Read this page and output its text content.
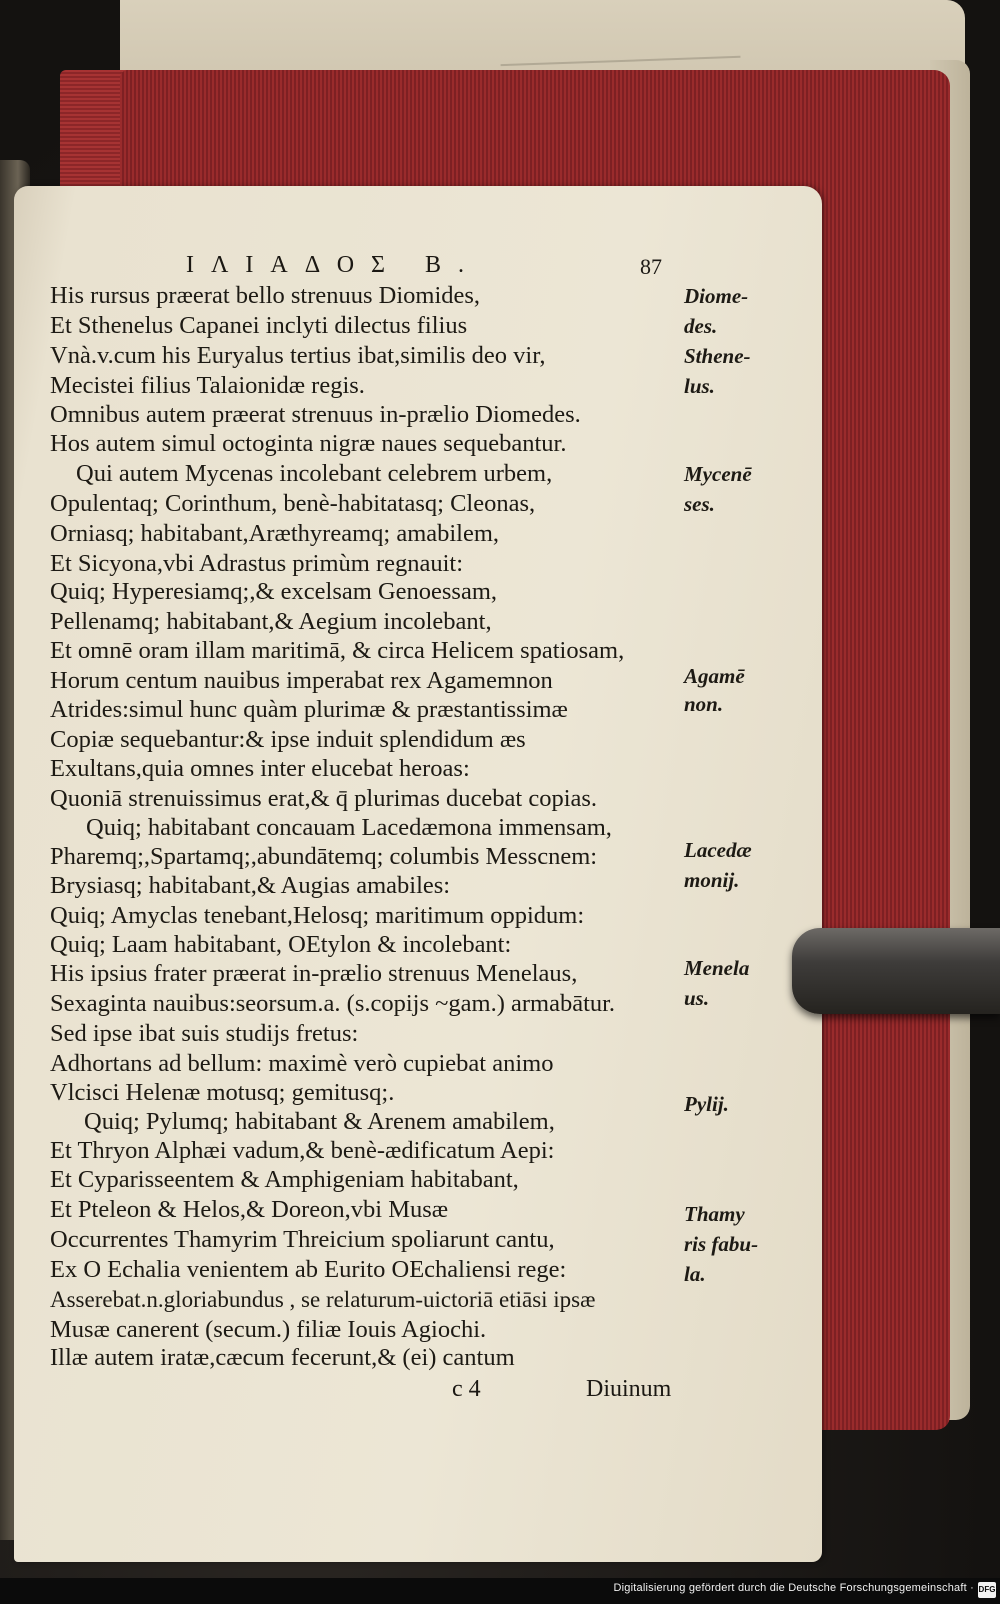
ΙΛΙΑΔΟΣ Β.	87
His rursus præerat bello strenuus Diomides,
Et Sthenelus Capanei inclyti dilectus filius
Vnà.v.cum his Euryalus tertius ibat,similis deo vir,
Mecistei filius Talaionidæ regis.
Omnibus autem præerat strenuus in-prælio Diomedes.
Hos autem simul octoginta nigræ naues sequebantur.
Qui autem Mycenas incolebant celebrem urbem,
Opulentaq; Corinthum, benè-habitatasq; Cleonas,
Orniasq; habitabant,Aræthyreamq; amabilem,
Et Sicyona,vbi Adrastus primùm regnauit:
Quiq; Hyperesiamq;,& excelsam Genoessam,
Pellenamq; habitabant,& Aegium incolebant,
Et omnē oram illam maritimā, & circa Helicem spatiosam,
Horum centum nauibus imperabat rex Agamemnon
Atrides:simul hunc quàm plurimæ & præstantissimæ
Copiæ sequebantur:& ipse induit splendidum æs
Exultans,quia omnes inter elucebat heroas:
Quoniā strenuissimus erat,& q̄ plurimas ducebat copias.
Quiq; habitabant concauam Lacedæmona immensam,
Pharemq;,Spartamq;,abundātemq; columbis Messcnem:
Brysiasq; habitabant,& Augias amabiles:
Quiq; Amyclas tenebant,Helosq; maritimum oppidum:
Quiq; Laam habitabant, OEtylon & incolebant:
His ipsius frater præerat in-prælio strenuus Menelaus,
Sexaginta nauibus:seorsum.a. (s.copijs ~gam.) armabātur.
Sed ipse ibat suis studijs fretus:
Adhortans ad bellum: maximè verò cupiebat animo
Vlcisci Helenæ motusq; gemitusq;.
Quiq; Pylumq; habitabant & Arenem amabilem,
Et Thryon Alphæi vadum,& benè-ædificatum Aepi:
Et Cyparisseentem & Amphigeniam habitabant,
Et Pteleon & Helos,& Doreon,vbi Musæ
Occurrentes Thamyrim Threicium spoliarunt cantu,
Ex O Echalia venientem ab Eurito OEchaliensi rege:
Asserebat.n.gloriabundus , se relaturum-uictoriā etiāsi ipsæ
Musæ canerent (secum.) filiæ Iouis Agiochi.
Illæ autem iratæ,cæcum fecerunt,& (ei) cantum
Diome-
des.
Sthene-
lus.
Mycenē
ses.
Agamē
non.
Lacedæ
monij.
Menela
us.
Pylij.
Thamy
ris fabu-
la.
c 4	Diuinum
Digitalisierung gefördert durch die Deutsche Forschungsgemeinschaft · DFG
